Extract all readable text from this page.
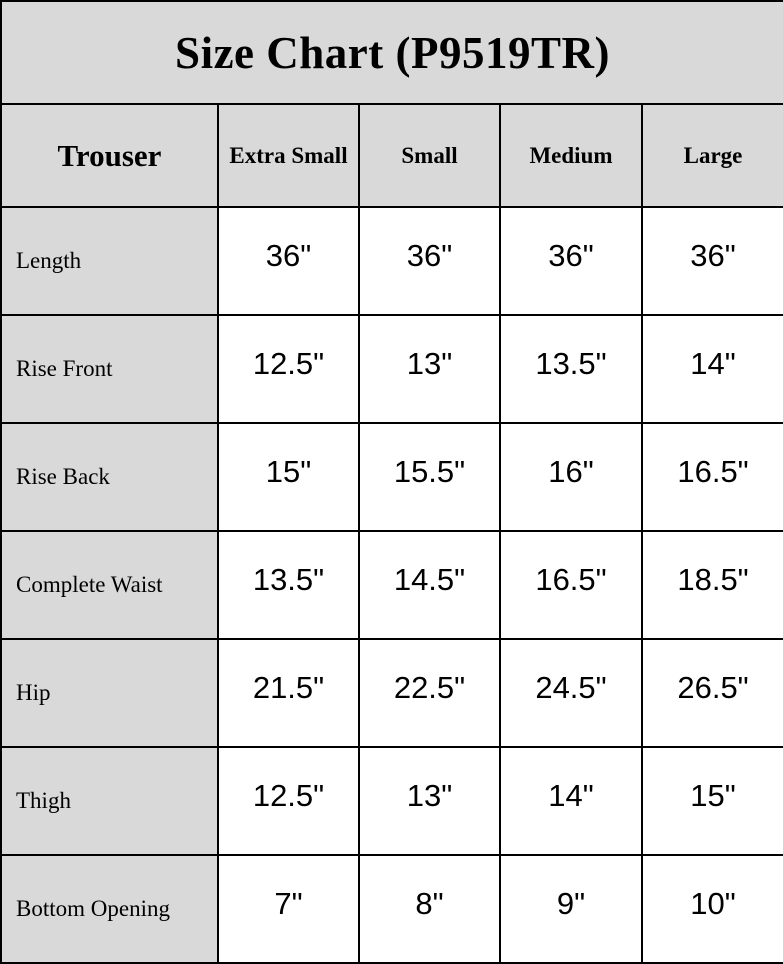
Size Chart (P9519TR)				
Trouser	Extra Small	Small	Medium	Large
Length	36"	36"	36"	36"
Rise Front	12.5"	13"	13.5"	14"
Rise Back	15"	15.5"	16"	16.5"
Complete Waist	13.5"	14.5"	16.5"	18.5"
Hip	21.5"	22.5"	24.5"	26.5"
Thigh	12.5"	13"	14"	15"
Bottom Opening	7"	8"	9"	10"
